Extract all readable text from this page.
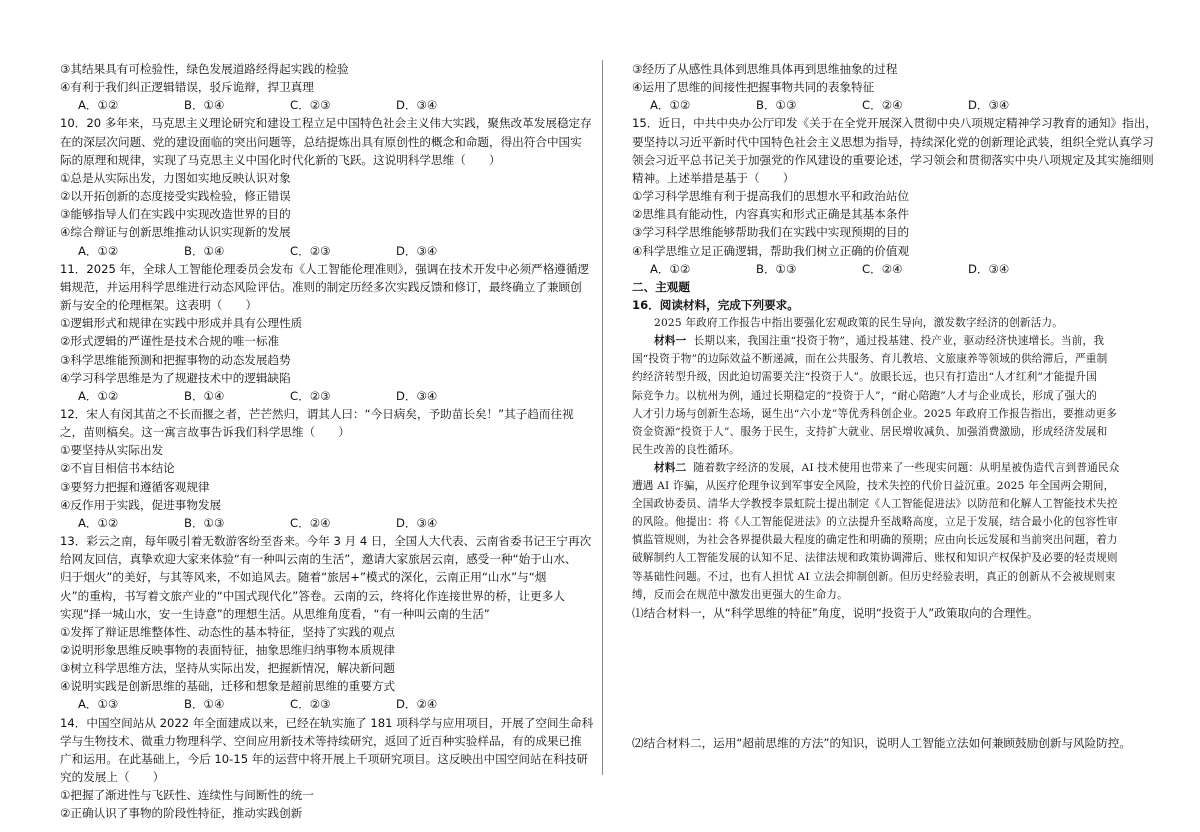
③其结果具有可检验性，绿色发展道路经得起实践的检验
④有利于我们纠正逻辑错误，驳斥诡辩，捍卫真理
A．①②	B．①④	C．②③	D．③④
10．20 多年来，马克思主义理论研究和建设工程立足中国特色社会主义伟大实践，聚焦改革发展稳定存
在的深层次问题、党的建设面临的突出问题等，总结提炼出具有原创性的概念和命题，得出符合中国实
际的原理和规律，实现了马克思主义中国化时代化新的飞跃。这说明科学思维（　　）
①总是从实际出发，力图如实地反映认识对象
②以开拓创新的态度接受实践检验，修正错误
③能够指导人们在实践中实现改造世界的目的
④综合辩证与创新思维推动认识实现新的发展
A．①②	B．①④	C．②③	D．③④
11．2025 年，全球人工智能伦理委员会发布《人工智能伦理准则》，强调在技术开发中必须严格遵循逻
辑规范，并运用科学思维进行动态风险评估。准则的制定历经多次实践反馈和修订，最终确立了兼顾创
新与安全的伦理框架。这表明（　　）
①逻辑形式和规律在实践中形成并具有公理性质
②形式逻辑的严谨性是技术合规的唯一标准
③科学思维能预测和把握事物的动态发展趋势
④学习科学思维是为了规避技术中的逻辑缺陷
A．①②	B．①④	C．②③	D．③④
12．宋人有闵其苗之不长而揠之者，芒芒然归，谓其人曰：“今日病矣，予助苗长矣！”其子趋而往视
之，苗则槁矣。这一寓言故事告诉我们科学思维（　　）
①要坚持从实际出发
②不盲目相信书本结论
③要努力把握和遵循客观规律
④反作用于实践，促进事物发展
A．①②	B．①③	C．②④	D．③④
13．彩云之南，每年吸引着无数游客纷至沓来。今年 3 月 4 日，全国人大代表、云南省委书记王宁再次
给网友回信，真挚欢迎大家来体验“有一种叫云南的生活”，邀请大家旅居云南，感受一种“始于山水、
归于烟火”的美好，与其等风来，不如追风去。随着“旅居+”模式的深化，云南正用“山水”与“烟
火”的重构，书写着文旅产业的“中国式现代化”答卷。云南的云，终将化作连接世界的桥，让更多人
实现“择一城山水，安一生诗意”的理想生活。从思维角度看，“有一种叫云南的生活”
①发挥了辩证思维整体性、动态性的基本特征，坚持了实践的观点
②说明形象思维反映事物的表面特征，抽象思维归纳事物本质规律
③树立科学思维方法，坚持从实际出发，把握新情况，解决新问题
④说明实践是创新思维的基础，迁移和想象是超前思维的重要方式
A．①③	B．①④	C．②③	D．②④
14．中国空间站从 2022 年全面建成以来，已经在轨实施了 181 项科学与应用项目，开展了空间生命科
学与生物技术、微重力物理科学、空间应用新技术等持续研究，返回了近百种实验样品，有的成果已推
广和运用。在此基础上，今后 10-15 年的运营中将开展上千项研究项目。这反映出中国空间站在科技研
究的发展上（　　）
①把握了渐进性与飞跃性、连续性与间断性的统一
②正确认识了事物的阶段性特征，推动实践创新
③经历了从感性具体到思维具体再到思维抽象的过程
④运用了思维的间接性把握事物共同的表象特征
A．①②	B．①③	C．②④	D．③④
15．近日，中共中央办公厅印发《关于在全党开展深入贯彻中央八项规定精神学习教育的通知》指出，
要坚持以习近平新时代中国特色社会主义思想为指导，持续深化党的创新理论武装，组织全党认真学习
领会习近平总书记关于加强党的作风建设的重要论述，学习领会和贯彻落实中央八项规定及其实施细则
精神。上述举措是基于（　　）
①学习科学思维有利于提高我们的思想水平和政治站位
②思维具有能动性，内容真实和形式正确是其基本条件
③学习科学思维能够帮助我们在实践中实现预期的目的
④科学思维立足正确逻辑，帮助我们树立正确的价值观
A．①②	B．①③	C．②④	D．③④
二、主观题
16．阅读材料，完成下列要求。
2025 年政府工作报告中指出要强化宏观政策的民生导向，激发数字经济的创新活力。
材料一 长期以来，我国注重“投资于物”，通过投基建、投产业，驱动经济快速增长。当前，我
国“投资于物”的边际效益不断递减，而在公共服务、育儿教培、文旅康养等领域的供给滞后，严重制
约经济转型升级，因此迫切需要关注“投资于人”。放眼长远，也只有打造出“人才红利”才能提升国
际竞争力。以杭州为例，通过长期稳定的“投资于人”，“耐心陪跑”人才与企业成长，形成了强大的
人才引力场与创新生态场，诞生出“六小龙”等优秀科创企业。2025 年政府工作报告指出，要推动更多
资金资源“投资于人”、服务于民生，支持扩大就业、居民增收减负、加强消费激励，形成经济发展和
民生改善的良性循环。
材料二 随着数字经济的发展，AI 技术使用也带来了一些现实问题：从明星被伪造代言到普通民众
遭遇 AI 诈骗，从医疗伦理争议到军事安全风险，技术失控的代价日益沉重。2025 年全国两会期间，
全国政协委员、清华大学教授李景虹院士提出制定《人工智能促进法》以防范和化解人工智能技术失控
的风险。他提出：将《人工智能促进法》的立法提升至战略高度，立足于发展，结合最小化的包容性审
慎监管规则，为社会各界提供最大程度的确定性和明确的预期；应由向长远发展和当前突出问题，着力
破解制约人工智能发展的认知不足、法律法规和政策协调滞后、账权和知识产权保护及必要的轻责规则
等基础性问题。不过，也有人担忧 AI 立法会抑制创新。但历史经验表明，真正的创新从不会被规则束
缚，反而会在规范中激发出更强大的生命力。
⑴结合材料一，从“科学思维的特征”角度，说明“投资于人”政策取向的合理性。
⑵结合材料二，运用“超前思维的方法”的知识，说明人工智能立法如何兼顾鼓励创新与风险防控。
